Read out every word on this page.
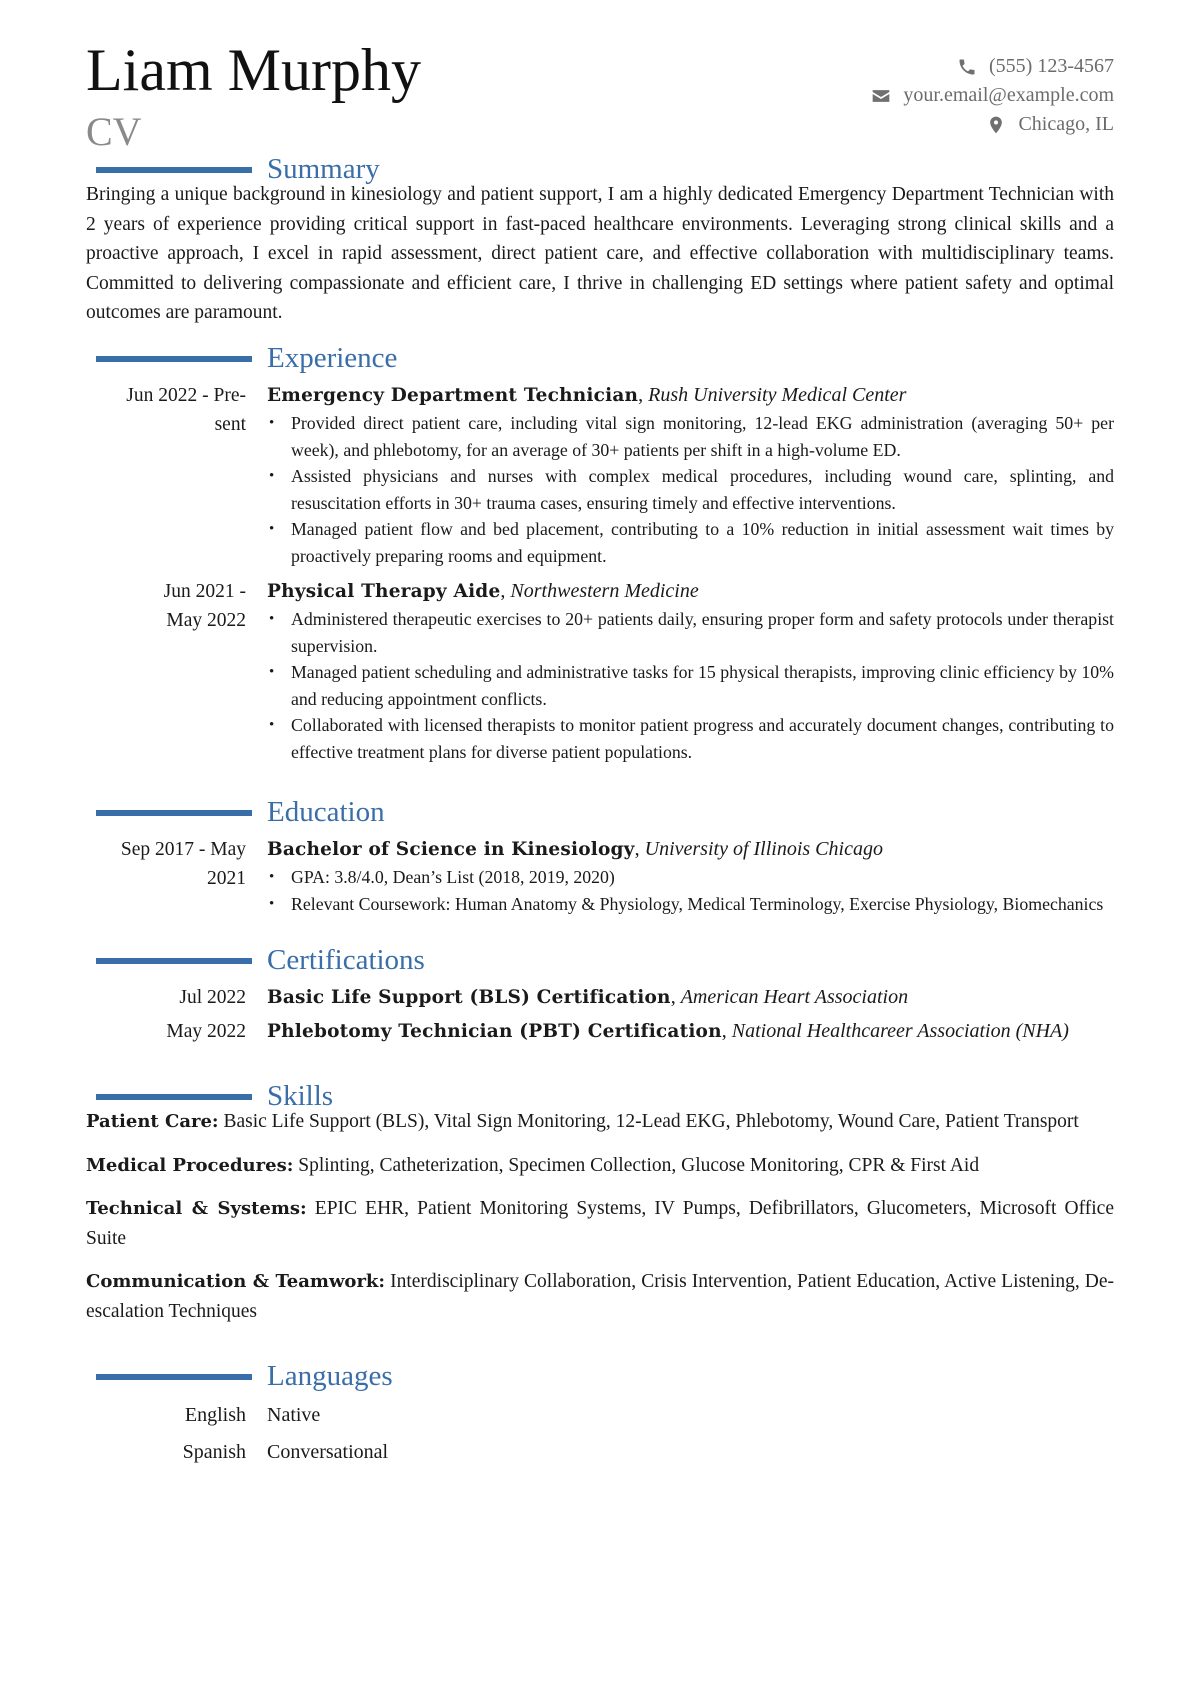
Liam Murphy
CV
(555) 123-4567
your.email@example.com
Chicago, IL
Summary

Bringing a unique background in kinesiology and patient support, I am a highly dedicated Emergency Department Technician with 2 years of experience providing critical support in fast-paced healthcare environments. Leveraging strong clinical skills and a proactive approach, I excel in rapid assessment, direct patient care, and effective collaboration with multidisciplinary teams. Committed to delivering compassionate and efficient care, I thrive in challenging ED settings where patient safety and optimal outcomes are paramount.

Experience
Jun 2022 - Pre-
sent
Emergency Department Technician, Rush University Medical Center
• Provided direct patient care, including vital sign monitoring, 12-lead EKG administration (averaging 50+ per week), and phlebotomy, for an average of 30+ patients per shift in a high-volume ED.
• Assisted physicians and nurses with complex medical procedures, including wound care, splinting, and resuscitation efforts in 30+ trauma cases, ensuring timely and effective interventions.
• Managed patient flow and bed placement, contributing to a 10% reduction in initial assessment wait times by proactively preparing rooms and equipment.
Jun 2021 -
May 2022
Physical Therapy Aide, Northwestern Medicine
• Administered therapeutic exercises to 20+ patients daily, ensuring proper form and safety protocols under therapist supervision.
• Managed patient scheduling and administrative tasks for 15 physical therapists, improving clinic efficiency by 10% and reducing appointment conflicts.
• Collaborated with licensed therapists to monitor patient progress and accurately document changes, contributing to effective treatment plans for diverse patient populations.
Education
Sep 2017 - May
2021
Bachelor of Science in Kinesiology, University of Illinois Chicago
• GPA: 3.8/4.0, Dean’s List (2018, 2019, 2020)
• Relevant Coursework: Human Anatomy & Physiology, Medical Terminology, Exercise Physiology, Biomechanics
Certifications
Jul 2022	Basic Life Support (BLS) Certification, American Heart Association
May 2022	Phlebotomy Technician (PBT) Certification, National Healthcareer Association (NHA)
Skills

Patient Care: Basic Life Support (BLS), Vital Sign Monitoring, 12-Lead EKG, Phlebotomy, Wound Care, Patient Transport

Medical Procedures: Splinting, Catheterization, Specimen Collection, Glucose Monitoring, CPR & First Aid

Technical & Systems: EPIC EHR, Patient Monitoring Systems, IV Pumps, Defibrillators, Glucometers, Microsoft Office Suite

Communication & Teamwork: Interdisciplinary Collaboration, Crisis Intervention, Patient Education, Active Listening, De-escalation Techniques

Languages
English	Native
Spanish	Conversational
